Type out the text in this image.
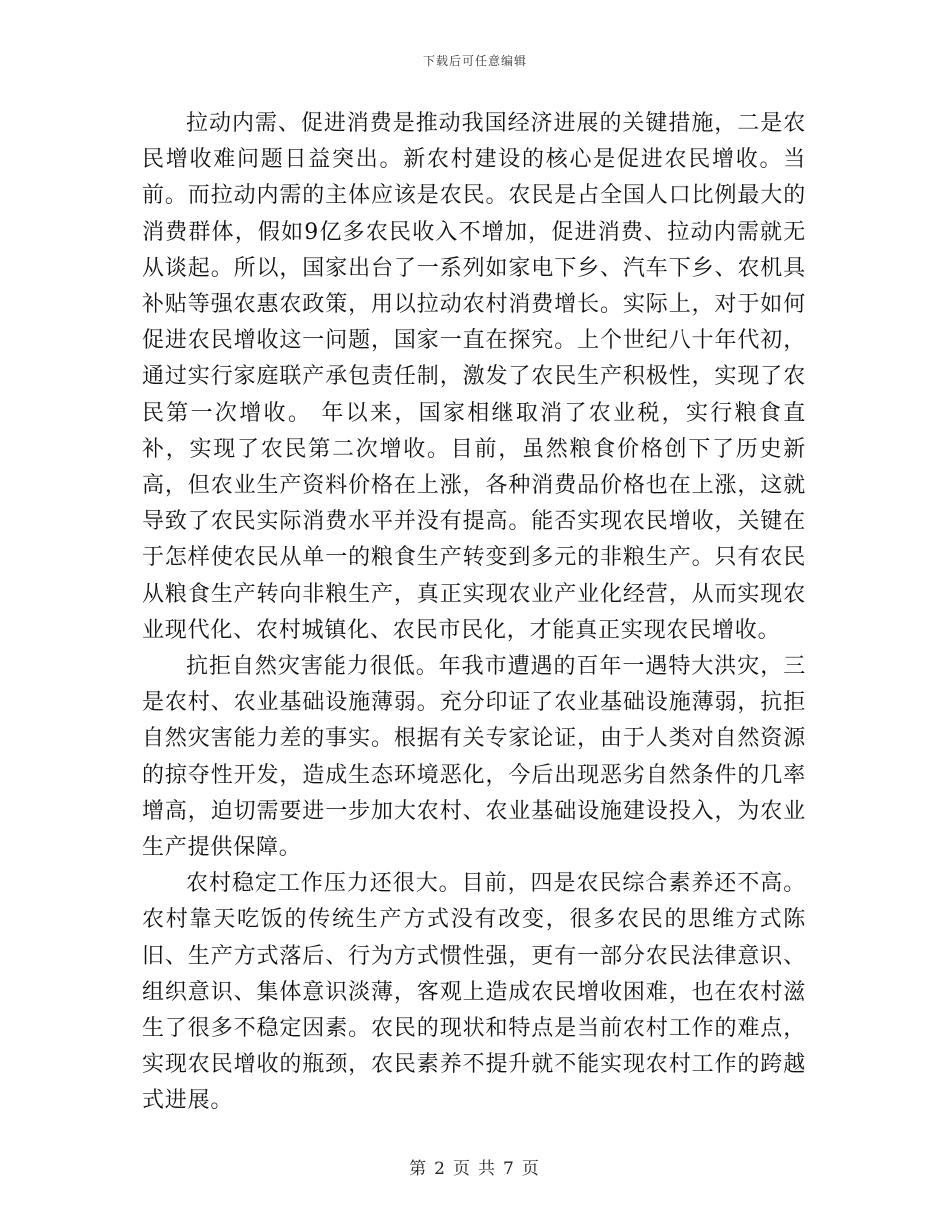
下载后可任意编辑

拉动内需、促进消费是推动我国经济进展的关键措施，二是农民增收难问题日益突出。新农村建设的核心是促进农民增收。当前。而拉动内需的主体应该是农民。农民是占全国人口比例最大的消费群体，假如9亿多农民收入不增加，促进消费、拉动内需就无从谈起。所以，国家出台了一系列如家电下乡、汽车下乡、农机具补贴等强农惠农政策，用以拉动农村消费增长。实际上，对于如何促进农民增收这一问题，国家一直在探究。上个世纪八十年代初，通过实行家庭联产承包责任制，激发了农民生产积极性，实现了农民第一次增收。 年以来，国家相继取消了农业税，实行粮食直补，实现了农民第二次增收。目前，虽然粮食价格创下了历史新高，但农业生产资料价格在上涨，各种消费品价格也在上涨，这就导致了农民实际消费水平并没有提高。能否实现农民增收，关键在于怎样使农民从单一的粮食生产转变到多元的非粮生产。只有农民从粮食生产转向非粮生产，真正实现农业产业化经营，从而实现农业现代化、农村城镇化、农民市民化，才能真正实现农民增收。

抗拒自然灾害能力很低。年我市遭遇的百年一遇特大洪灾，三是农村、农业基础设施薄弱。充分印证了农业基础设施薄弱，抗拒自然灾害能力差的事实。根据有关专家论证，由于人类对自然资源的掠夺性开发，造成生态环境恶化，今后出现恶劣自然条件的几率增高，迫切需要进一步加大农村、农业基础设施建设投入，为农业生产提供保障。

农村稳定工作压力还很大。目前，四是农民综合素养还不高。农村靠天吃饭的传统生产方式没有改变，很多农民的思维方式陈旧、生产方式落后、行为方式惯性强，更有一部分农民法律意识、组织意识、集体意识淡薄，客观上造成农民增收困难，也在农村滋生了很多不稳定因素。农民的现状和特点是当前农村工作的难点，实现农民增收的瓶颈，农民素养不提升就不能实现农村工作的跨越式进展。

第 2 页 共 7 页
